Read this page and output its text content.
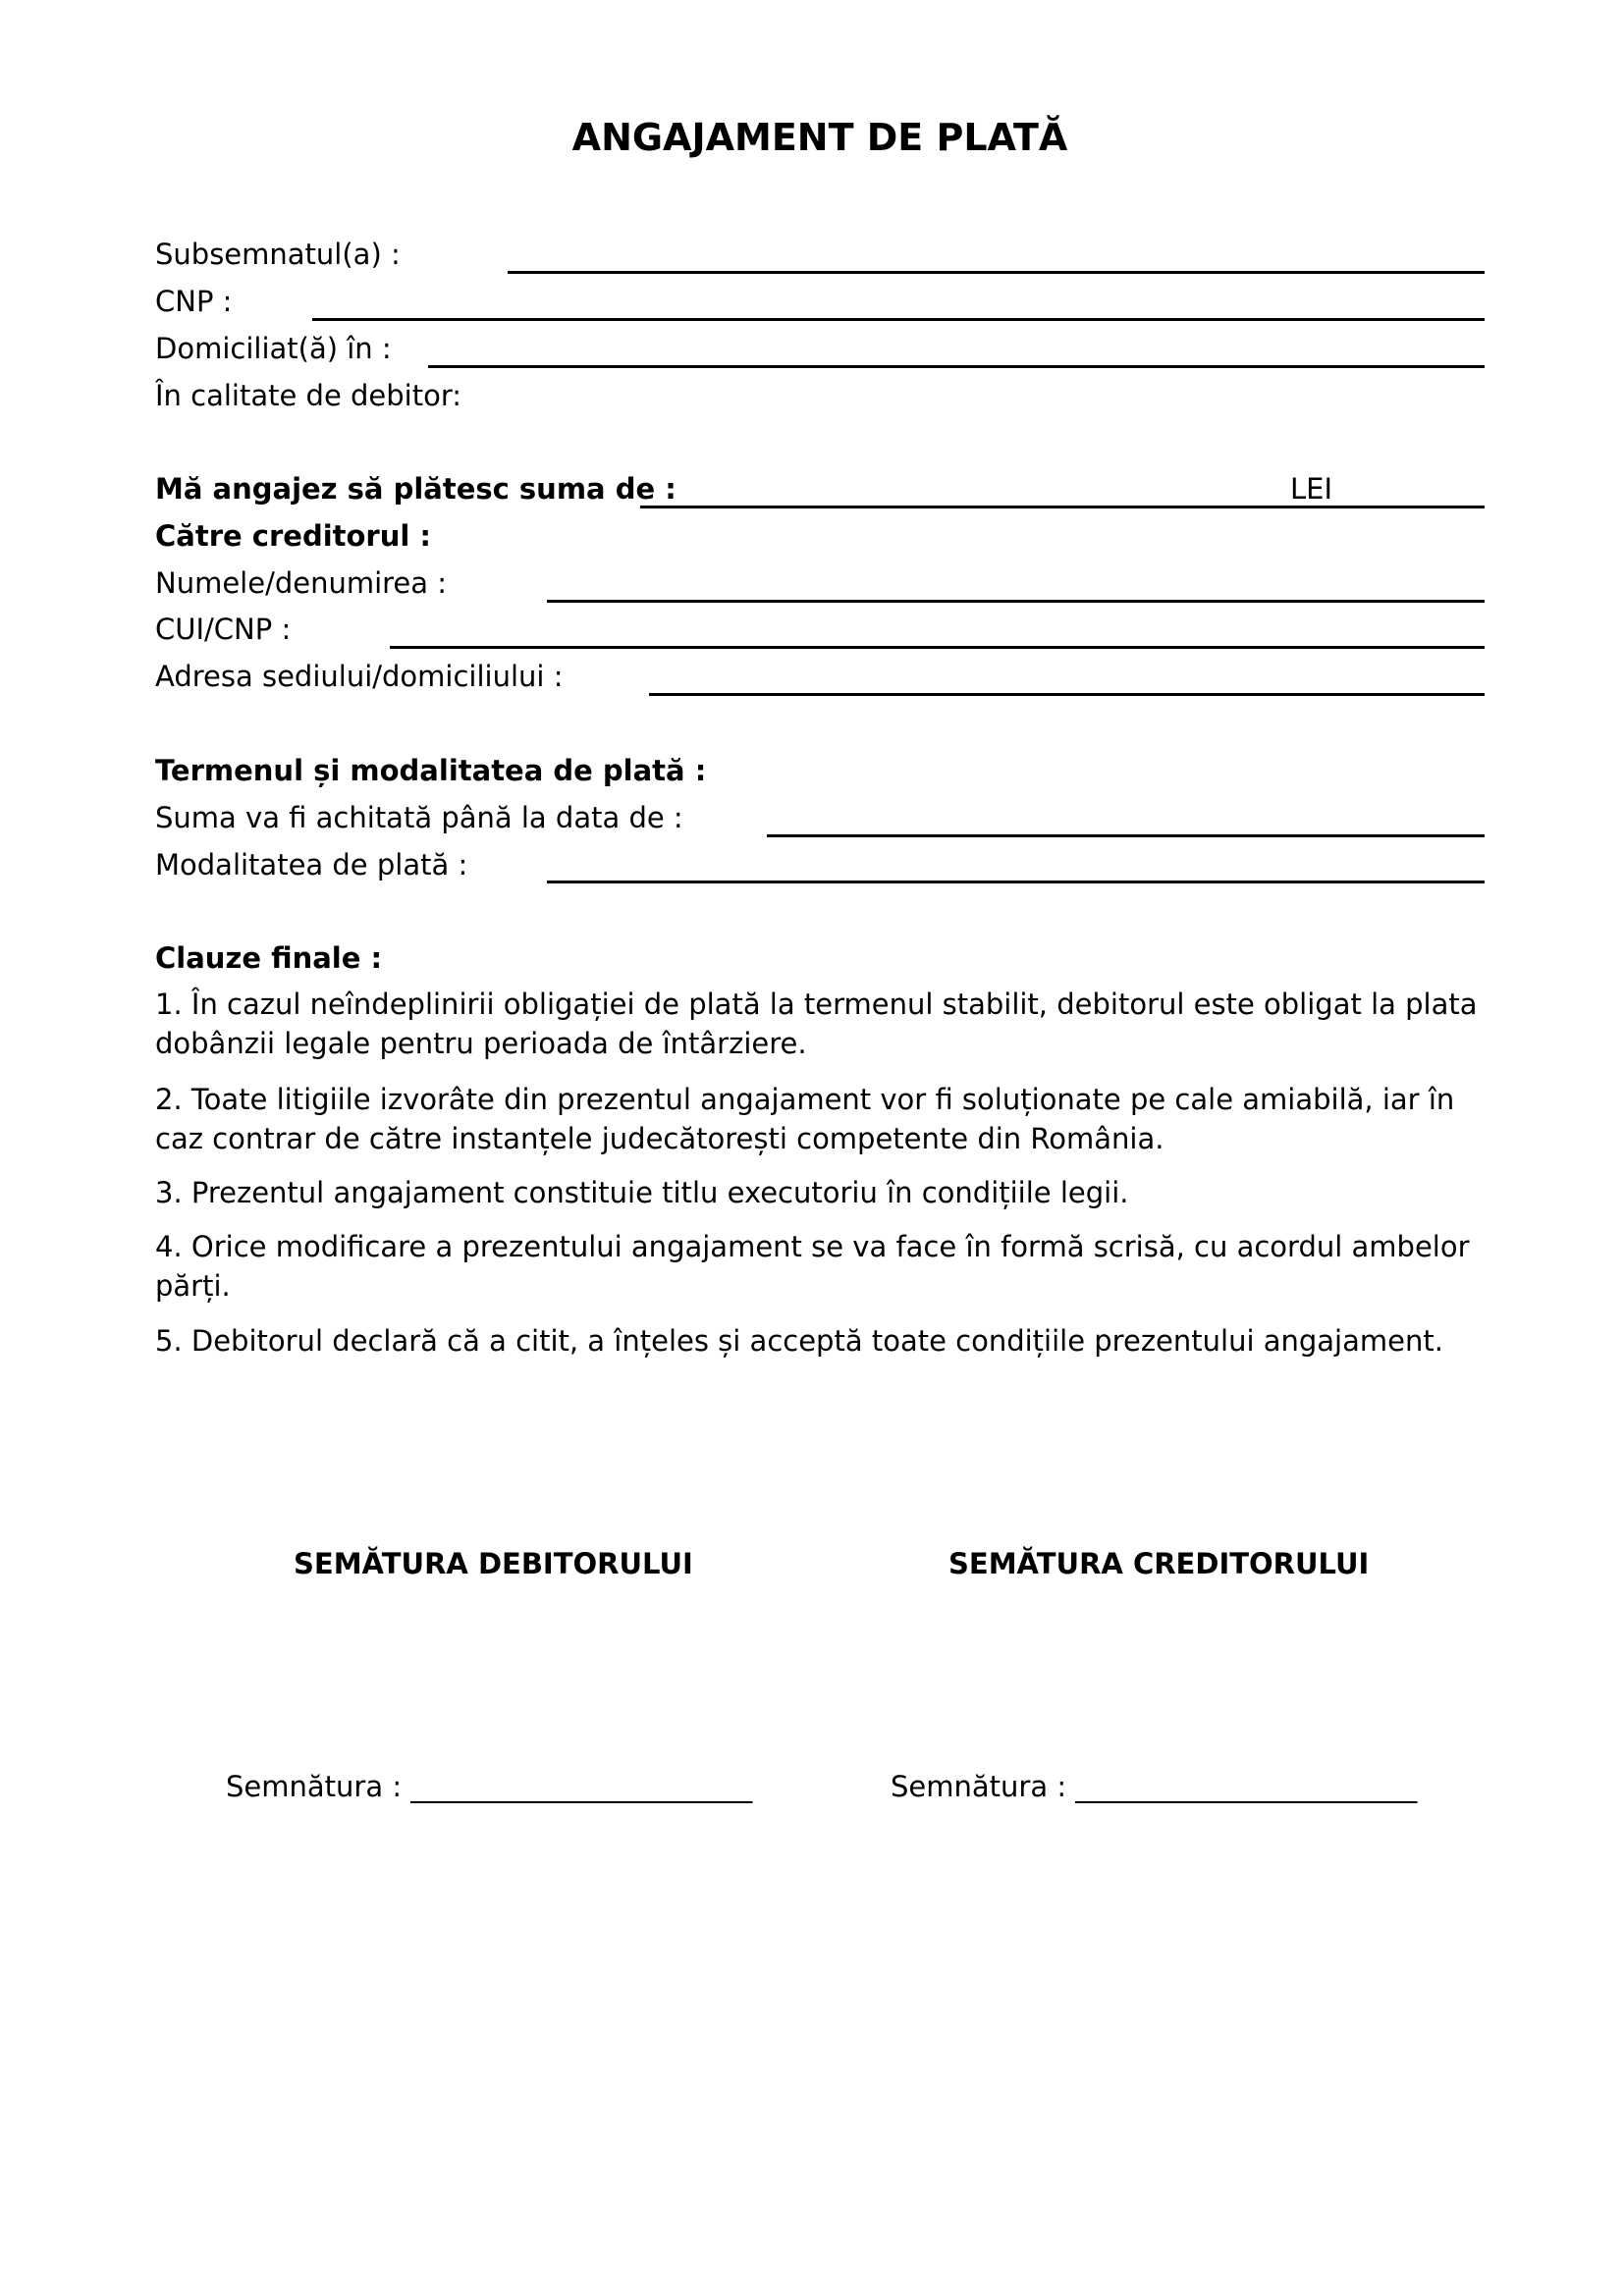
ANGAJAMENT DE PLATĂ
Subsemnatul(a) :
CNP :
Domiciliat(ă) în :
În calitate de debitor:
Mă angajez să plătesc suma de :	LEI
Către creditorul :
Numele/denumirea :
CUI/CNP :
Adresa sediului/domiciliului :
Termenul și modalitatea de plată :
Suma va fi achitată până la data de :
Modalitatea de plată :
Clauze finale :
1. În cazul neîndeplinirii obligației de plată la termenul stabilit, debitorul este obligat la plata dobânzii legale pentru perioada de întârziere.
2. Toate litigiile izvorâte din prezentul angajament vor fi soluționate pe cale amiabilă, iar în caz contrar de către instanțele judecătorești competente din România.
3. Prezentul angajament constituie titlu executoriu în condițiile legii.
4. Orice modificare a prezentului angajament se va face în formă scrisă, cu acordul ambelor părți.
5. Debitorul declară că a citit, a înțeles și acceptă toate condițiile prezentului angajament.
SEMĂTURA DEBITORULUI	SEMĂTURA CREDITORULUI
Semnătura : ________________________	Semnătura : ________________________
